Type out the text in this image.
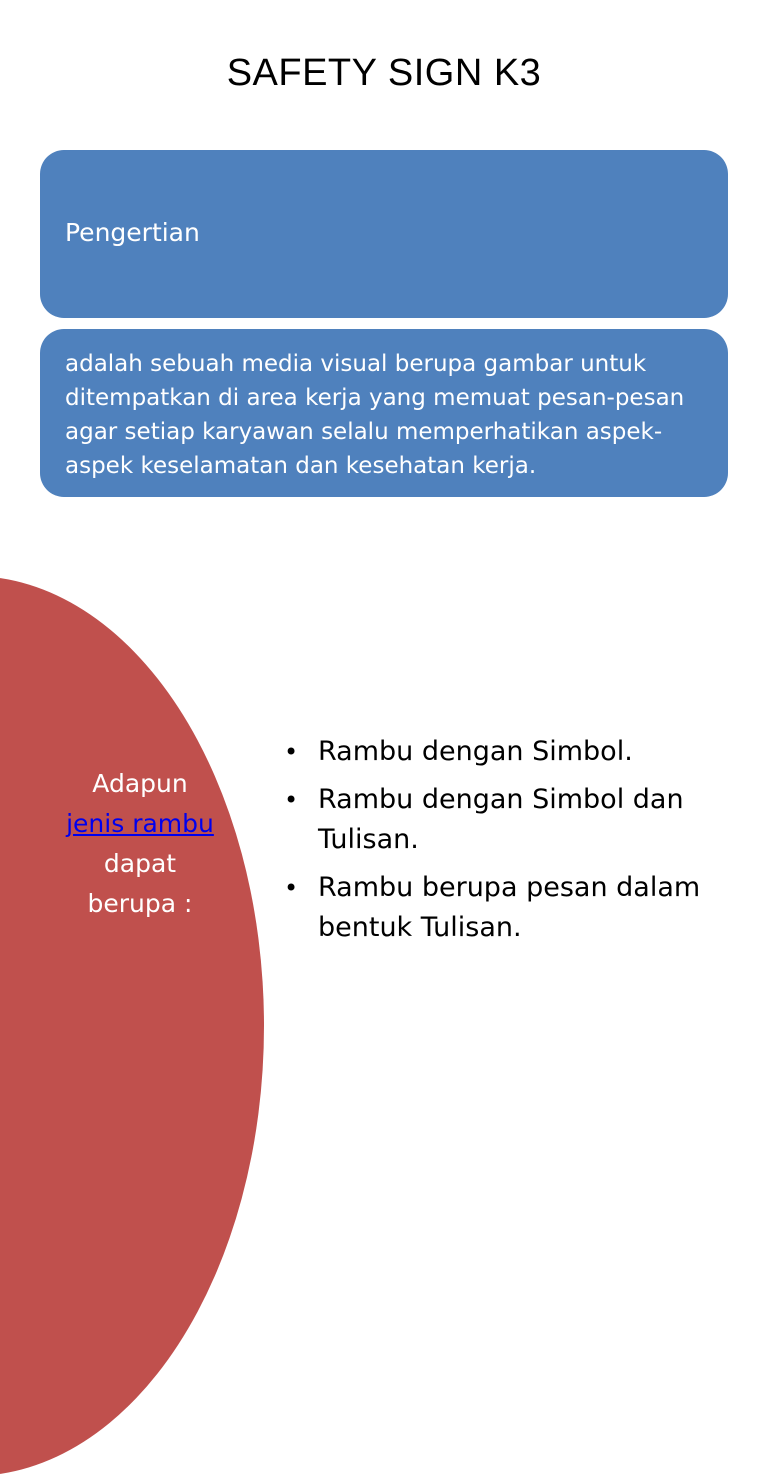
SAFETY SIGN K3
Pengertian
adalah sebuah media visual berupa gambar untuk ditempatkan di area kerja yang memuat pesan-pesan agar setiap karyawan selalu memperhatikan aspek-aspek keselamatan dan kesehatan kerja.
Adapun
jenis rambu
dapat
berupa :
• Rambu dengan Simbol.
• Rambu dengan Simbol dan Tulisan.
• Rambu berupa pesan dalam bentuk Tulisan.
